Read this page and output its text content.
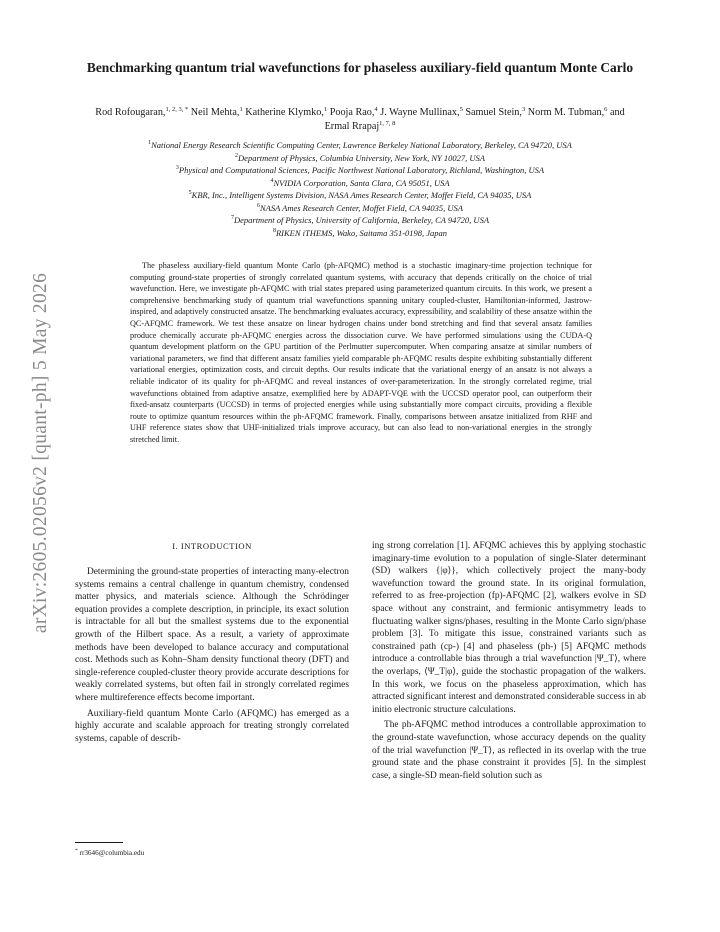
arXiv:2605.02056v2 [quant-ph] 5 May 2026
Benchmarking quantum trial wavefunctions for phaseless auxiliary-field quantum Monte Carlo
Rod Rofougaran,$^{1, 2, 3, *}$ Neil Mehta,$^1$ Katherine Klymko,$^1$ Pooja Rao,$^4$ J. Wayne Mullinax,$^5$ Samuel Stein,$^3$ Norm M. Tubman,$^6$ and Ermal Rrapaj$^{1, 7, 8}$
$^1$National Energy Research Scientific Computing Center, Lawrence Berkeley National Laboratory, Berkeley, CA 94720, USA
$^2$Department of Physics, Columbia University, New York, NY 10027, USA
$^3$Physical and Computational Sciences, Pacific Northwest National Laboratory, Richland, Washington, USA
$^4$NVIDIA Corporation, Santa Clara, CA 95051, USA
$^5$KBR, Inc., Intelligent Systems Division, NASA Ames Research Center, Moffet Field, CA 94035, USA
$^6$NASA Ames Research Center, Moffet Field, CA 94035, USA
$^7$Department of Physics, University of California, Berkeley, CA 94720, USA
$^8$RIKEN iTHEMS, Wako, Saitama 351-0198, Japan
The phaseless auxiliary-field quantum Monte Carlo (ph-AFQMC) method is a stochastic imaginary-time projection technique for computing ground-state properties of strongly correlated quantum systems, with accuracy that depends critically on the choice of trial wavefunction. Here, we investigate ph-AFQMC with trial states prepared using parameterized quantum circuits. In this work, we present a comprehensive benchmarking study of quantum trial wavefunctions spanning unitary coupled-cluster, Hamiltonian-informed, Jastrow-inspired, and adaptively constructed ansatze. The benchmarking evaluates accuracy, expressibility, and scalability of these ansatze within the QC-AFQMC framework. We test these ansatze on linear hydrogen chains under bond stretching and find that several ansatz families produce chemically accurate ph-AFQMC energies across the dissociation curve. We have performed simulations using the CUDA-Q quantum development platform on the GPU partition of the Perlmutter supercomputer. When comparing ansatze at similar numbers of variational parameters, we find that different ansatz families yield comparable ph-AFQMC results despite exhibiting substantially different variational energies, optimization costs, and circuit depths. Our results indicate that the variational energy of an ansatz is not always a reliable indicator of its quality for ph-AFQMC and reveal instances of over-parameterization. In the strongly correlated regime, trial wavefunctions obtained from adaptive ansatze, exemplified here by ADAPT-VQE with the UCCSD operator pool, can outperform their fixed-ansatz counterparts (UCCSD) in terms of projected energies while using substantially more compact circuits, providing a flexible route to optimize quantum resources within the ph-AFQMC framework. Finally, comparisons between ansatze initialized from RHF and UHF reference states show that UHF-initialized trials improve accuracy, but can also lead to non-variational energies in the strongly stretched limit.
I. INTRODUCTION

Determining the ground-state properties of interacting many-electron systems remains a central challenge in quantum chemistry, condensed matter physics, and materials science. Although the Schrödinger equation provides a complete description, in principle, its exact solution is intractable for all but the smallest systems due to the exponential growth of the Hilbert space. As a result, a variety of approximate methods have been developed to balance accuracy and computational cost. Methods such as Kohn–Sham density functional theory (DFT) and single-reference coupled-cluster theory provide accurate descriptions for weakly correlated systems, but often fail in strongly correlated regimes where multireference effects become important.

Auxiliary-field quantum Monte Carlo (AFQMC) has emerged as a highly accurate and scalable approach for treating strongly correlated systems, capable of describ-

ing strong correlation [1]. AFQMC achieves this by applying stochastic imaginary-time evolution to a population of single-Slater determinant (SD) walkers {|φ⟩}, which collectively project the many-body wavefunction toward the ground state. In its original formulation, referred to as free-projection (fp)-AFQMC [2], walkers evolve in SD space without any constraint, and fermionic antisymmetry leads to fluctuating walker signs/phases, resulting in the Monte Carlo sign/phase problem [3]. To mitigate this issue, constrained variants such as constrained path (cp-) [4] and phaseless (ph-) [5] AFQMC methods introduce a controllable bias through a trial wavefunction |Ψ_T⟩, where the overlaps, ⟨Ψ_T|φ⟩, guide the stochastic propagation of the walkers. In this work, we focus on the phaseless approximation, which has attracted significant interest and demonstrated considerable success in ab initio electronic structure calculations.

The ph-AFQMC method introduces a controllable approximation to the ground-state wavefunction, whose accuracy depends on the quality of the trial wavefunction |Ψ_T⟩, as reflected in its overlap with the true ground state and the phase constraint it provides [5]. In the simplest case, a single-SD mean-field solution such as

* rr3646@columbia.edu
